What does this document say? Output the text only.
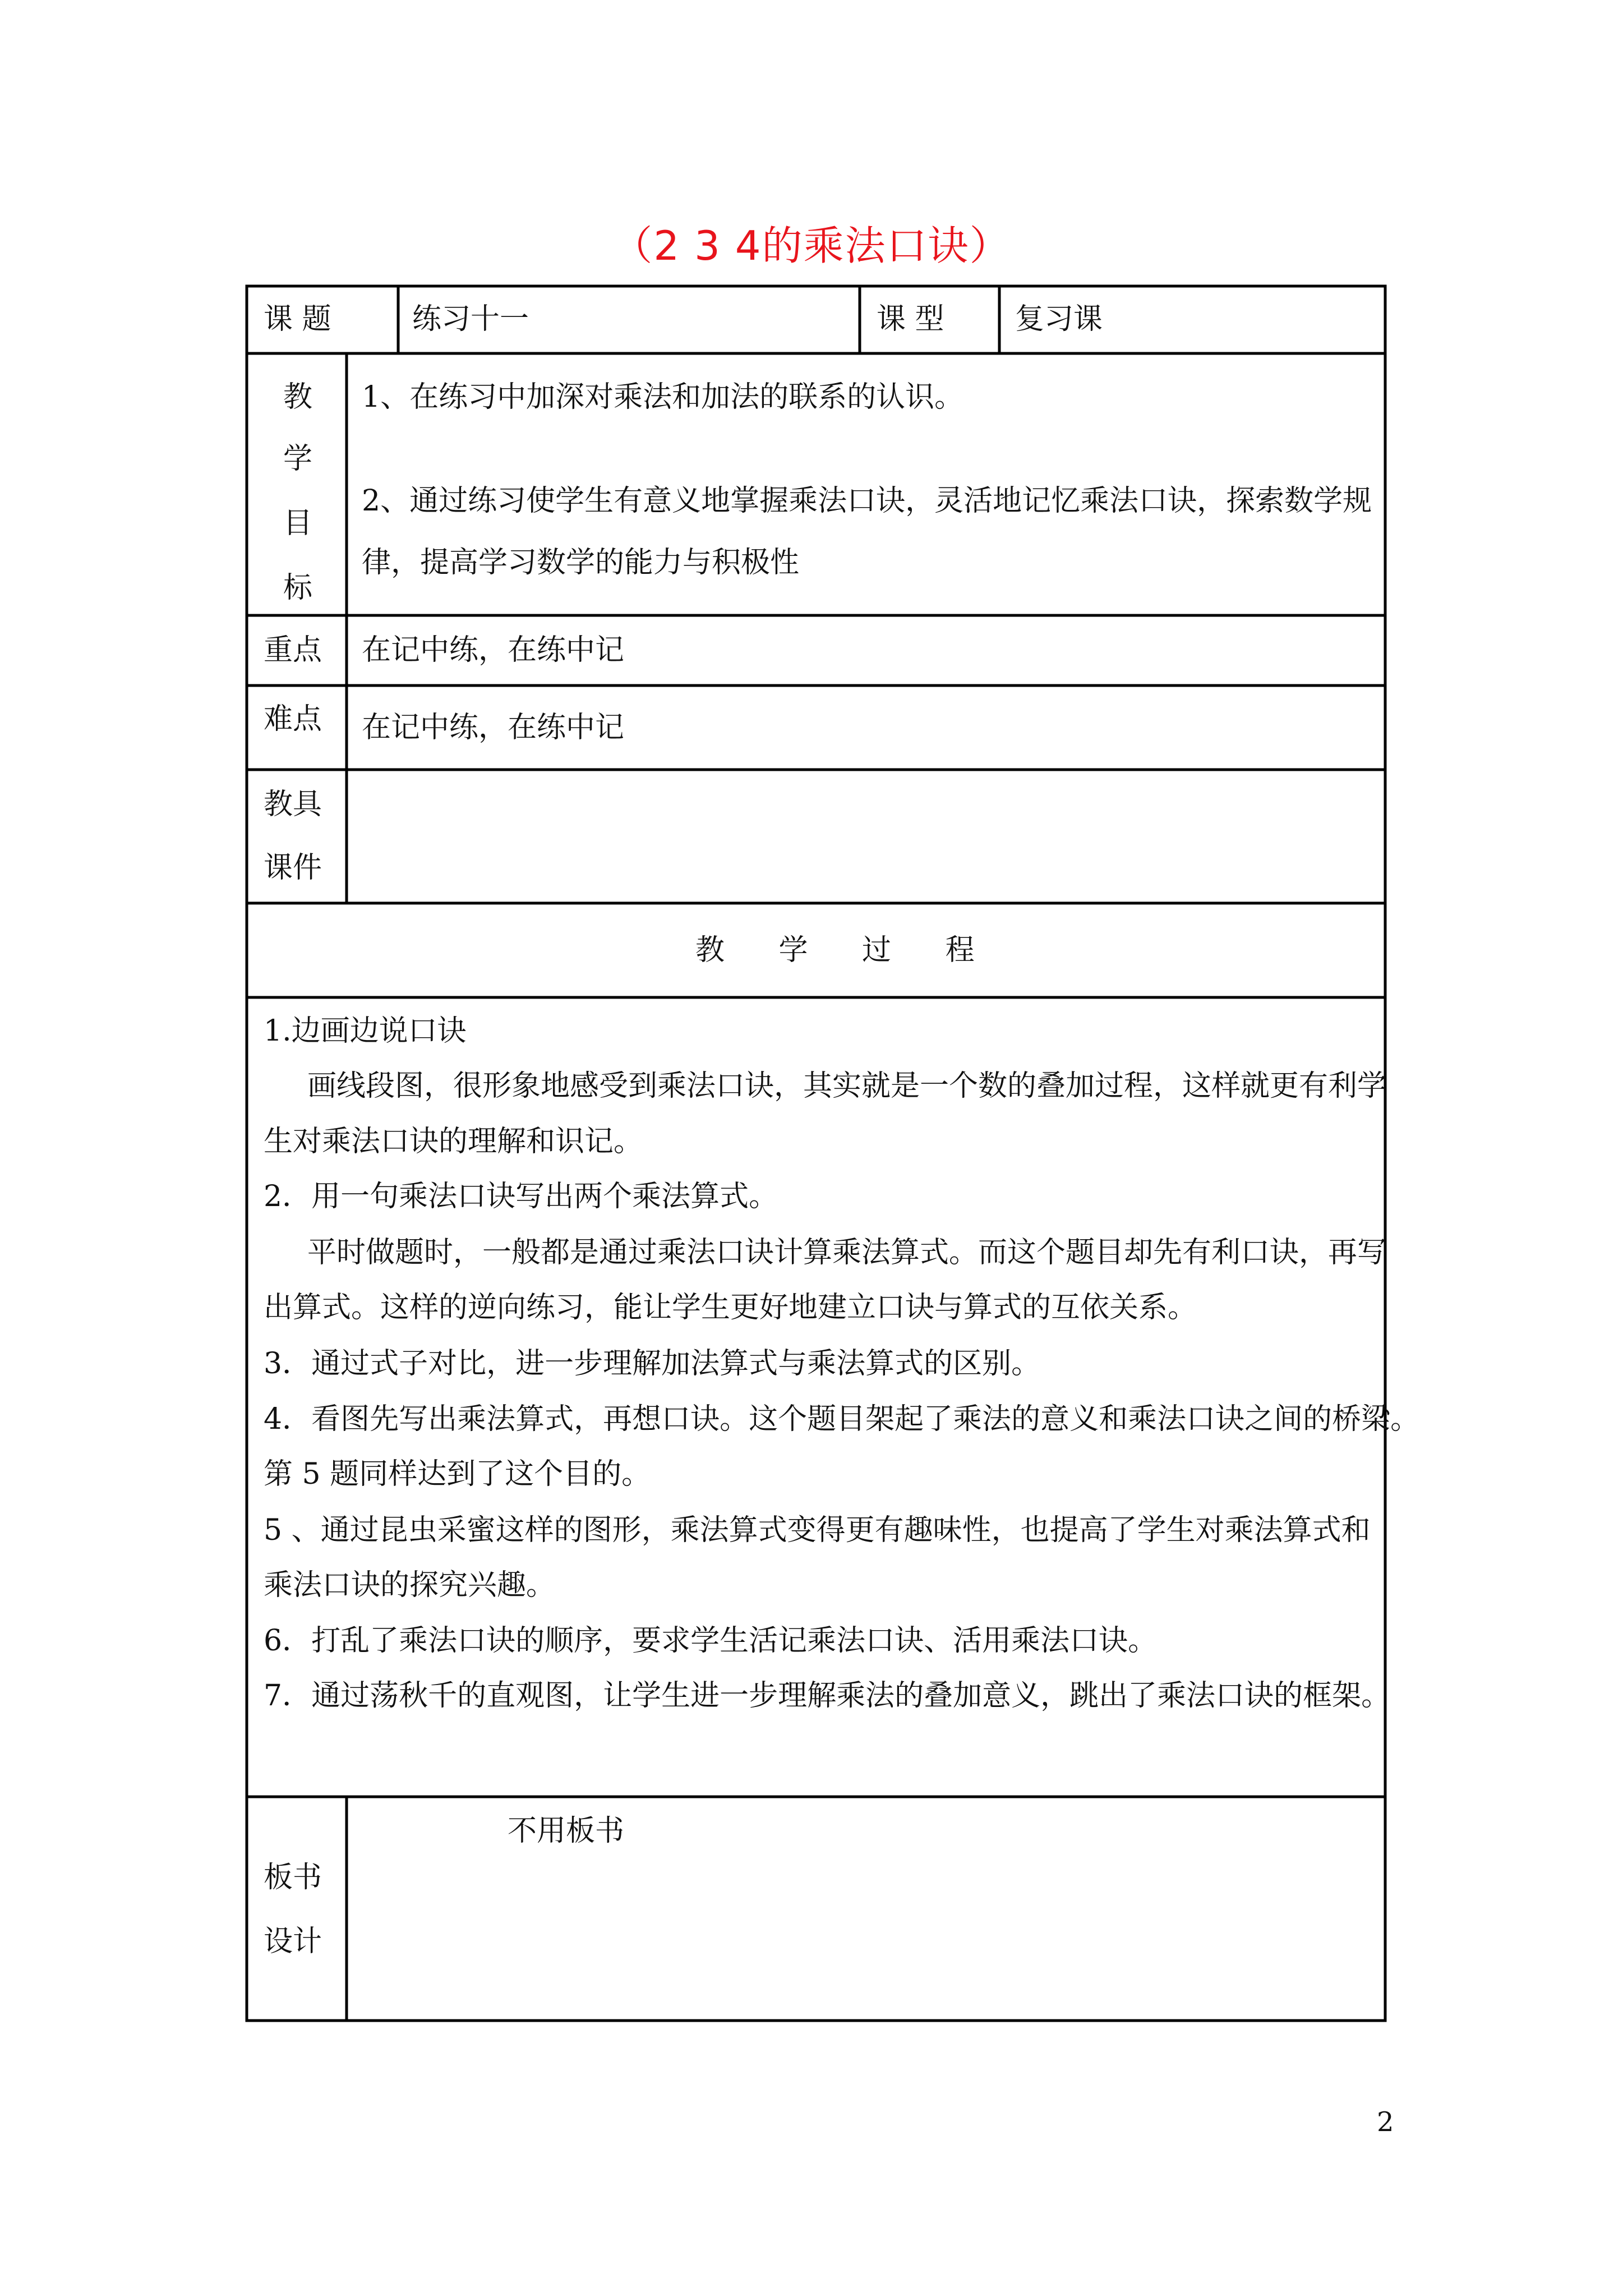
（2 3 4的乘法口诀）
课 题	练习十一	课 型 复习课
教
学
目
标
1、在练习中加深对乘法和加法的联系的认识。
2、通过练习使学生有意义地掌握乘法口诀，灵活地记忆乘法口诀，探索数学规
律，提高学习数学的能力与积极性
重点 在记中练，在练中记
难点 在记中练，在练中记
教具
课件
教 学 过 程
1.边画边说口诀
画线段图，很形象地感受到乘法口诀，其实就是一个数的叠加过程，这样就更有利学
生对乘法口诀的理解和识记。
2．用一句乘法口诀写出两个乘法算式。
平时做题时，一般都是通过乘法口诀计算乘法算式。而这个题目却先有利口诀，再写
出算式。这样的逆向练习，能让学生更好地建立口诀与算式的互依关系。
3．通过式子对比，进一步理解加法算式与乘法算式的区别。
4．看图先写出乘法算式，再想口诀。这个题目架起了乘法的意义和乘法口诀之间的桥梁。
第 5 题同样达到了这个目的。
5 、通过昆虫采蜜这样的图形，乘法算式变得更有趣味性，也提高了学生对乘法算式和
乘法口诀的探究兴趣。
6．打乱了乘法口诀的顺序，要求学生活记乘法口诀、活用乘法口诀。
7．通过荡秋千的直观图，让学生进一步理解乘法的叠加意义，跳出了乘法口诀的框架。
板书
设计
不用板书
2
